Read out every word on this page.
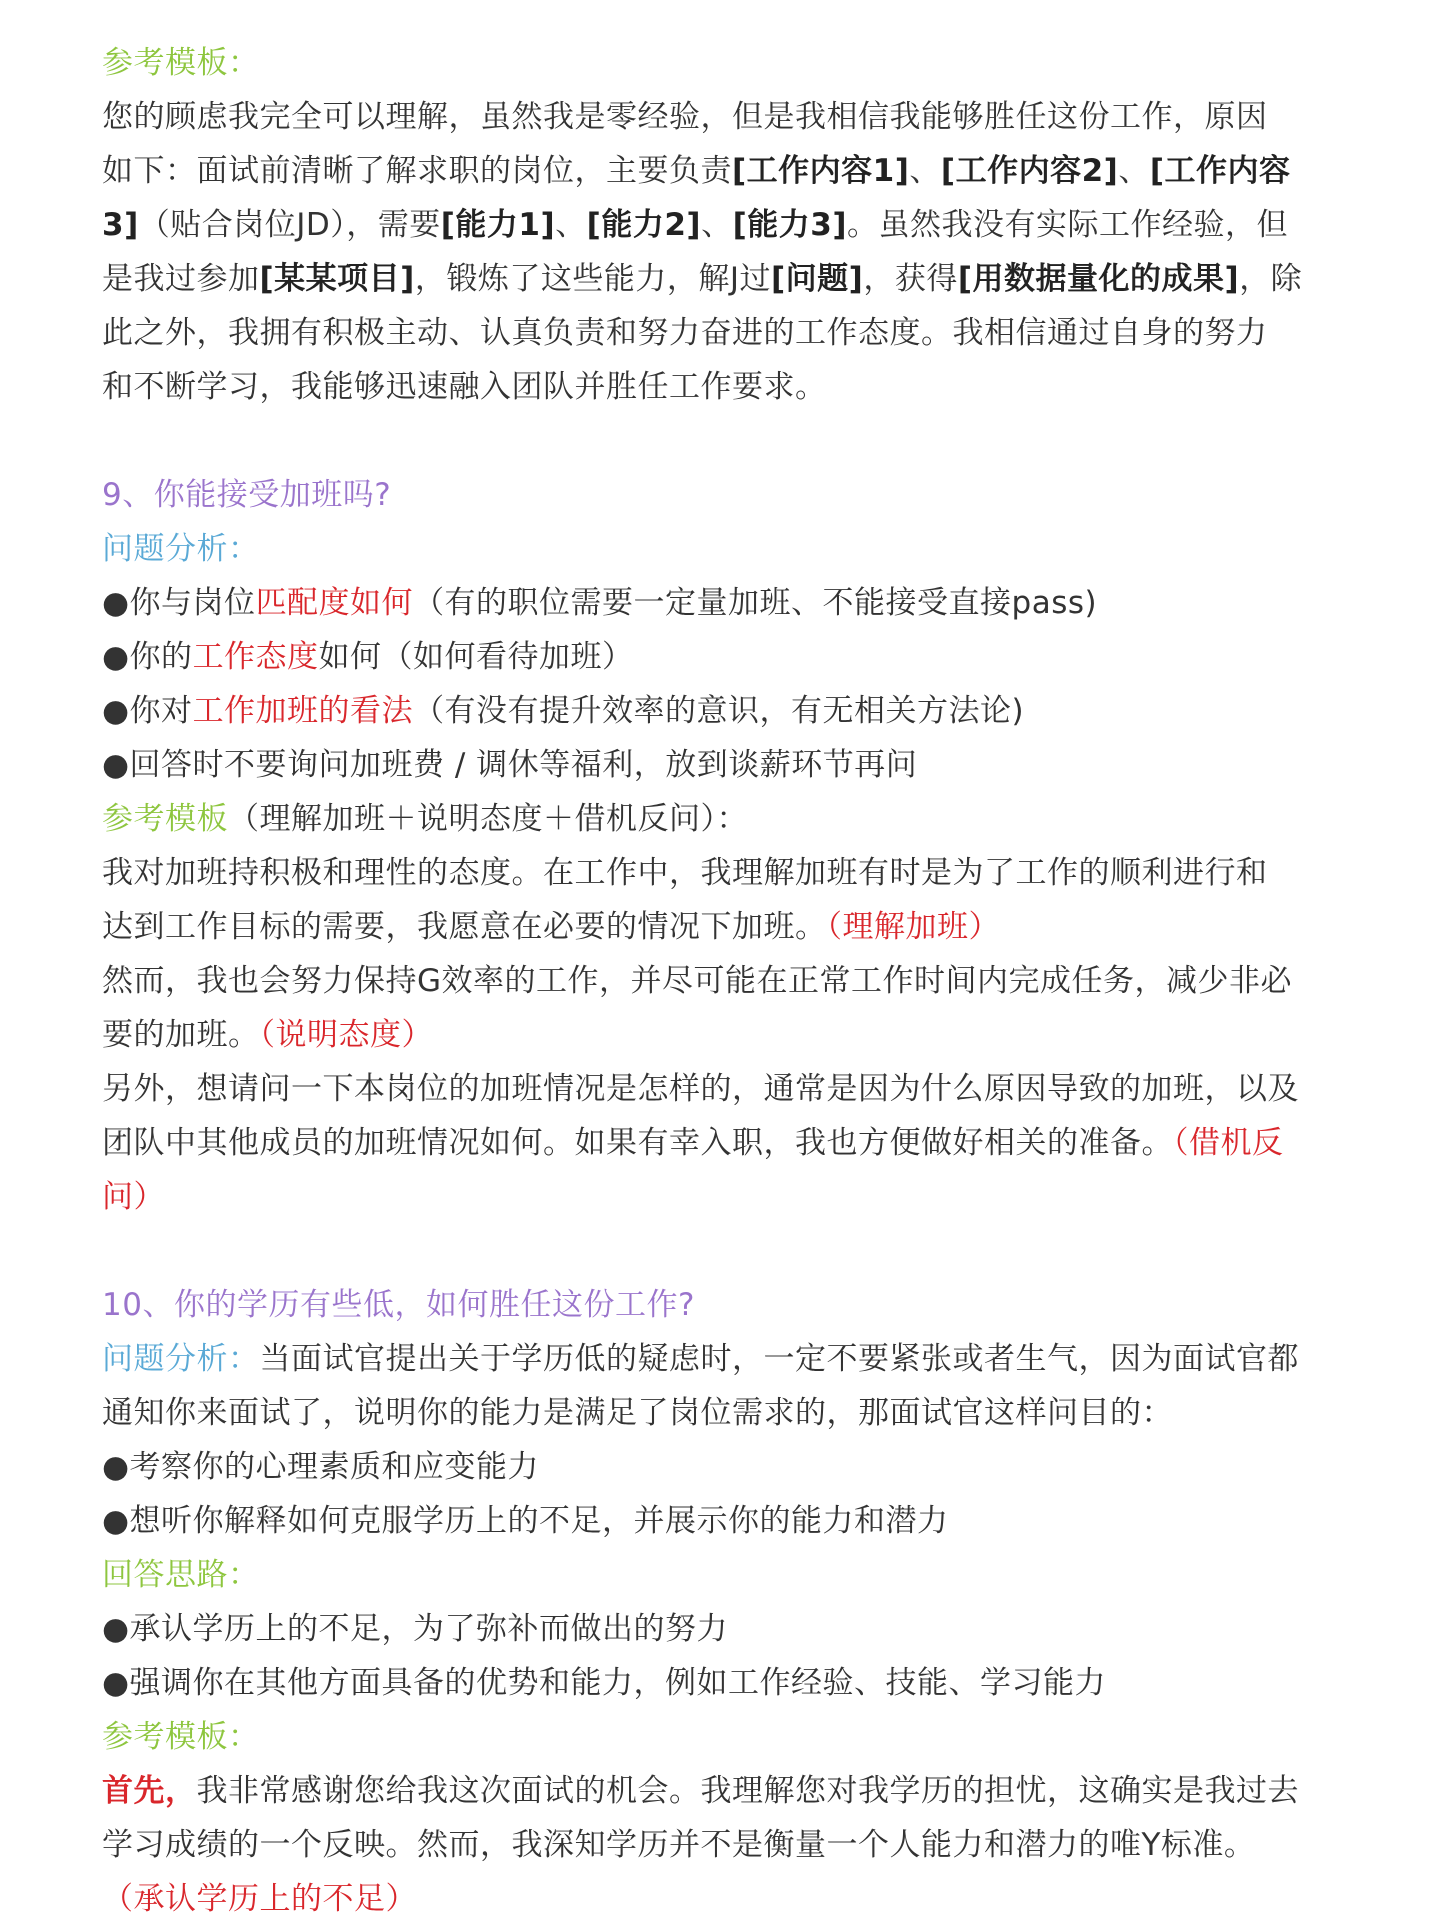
参考模板：
您的顾虑我完全可以理解，虽然我是零经验，但是我相信我能够胜任这份工作，原因
如下：面试前清晰了解求职的岗位，主要负责[工作内容1]、[工作内容2]、[工作内容
3]（贴合岗位JD），需要[能力1]、[能力2]、[能力3]。虽然我没有实际工作经验，但
是我过参加[某某项目]，锻炼了这些能力，解J过[问题]，获得[用数据量化的成果]，除
此之外，我拥有积极主动、认真负责和努力奋进的工作态度。我相信通过自身的努力
和不断学习，我能够迅速融入团队并胜任工作要求。
9、你能接受加班吗?
问题分析：
●你与岗位匹配度如何（有的职位需要一定量加班、不能接受直接pass)
●你的工作态度如何（如何看待加班）
●你对工作加班的看法（有没有提升效率的意识，有无相关方法论)
●回答时不要询问加班费 / 调休等福利，放到谈薪环节再问
参考模板（理解加班＋说明态度＋借机反问）：
我对加班持积极和理性的态度。在工作中，我理解加班有时是为了工作的顺利进行和
达到工作目标的需要，我愿意在必要的情况下加班。（理解加班）
然而，我也会努力保持G效率的工作，并尽可能在正常工作时间内完成任务，减少非必
要的加班。（说明态度）
另外，想请问一下本岗位的加班情况是怎样的，通常是因为什么原因导致的加班，以及
团队中其他成员的加班情况如何。如果有幸入职，我也方便做好相关的准备。（借机反
问）
10、你的学历有些低，如何胜任这份工作?
问题分析：当面试官提出关于学历低的疑虑时，一定不要紧张或者生气，因为面试官都
通知你来面试了，说明你的能力是满足了岗位需求的，那面试官这样问目的：
●考察你的心理素质和应变能力
●想听你解释如何克服学历上的不足，并展示你的能力和潜力
回答思路：
●承认学历上的不足，为了弥补而做出的努力
●强调你在其他方面具备的优势和能力，例如工作经验、技能、学习能力
参考模板：
首先，我非常感谢您给我这次面试的机会。我理解您对我学历的担忧，这确实是我过去
学习成绩的一个反映。然而，我深知学历并不是衡量一个人能力和潜力的唯Y标准。
（承认学历上的不足）
